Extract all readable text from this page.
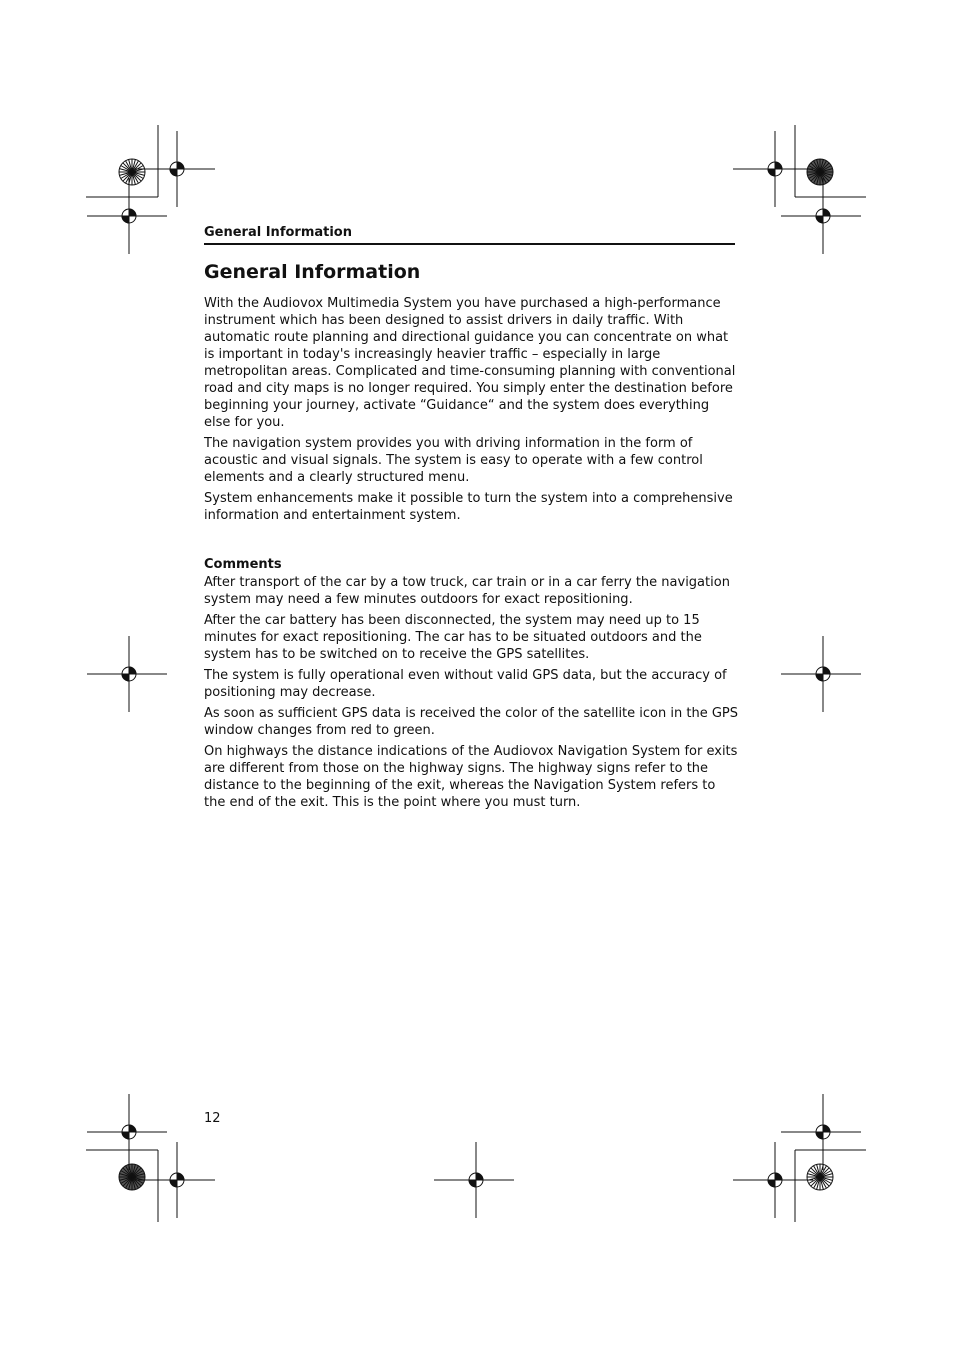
General Information
General Information

With the Audiovox Multimedia System you have purchased a high-performance instrument which has been designed to assist drivers in daily traffic. With automatic route planning and directional guidance you can concentrate on what is important in today's increasingly heavier traffic – especially in large metropolitan areas. Complicated and time-consuming planning with conventional road and city maps is no longer required. You simply enter the destination before beginning your journey, activate “Guidance“ and the system does everything else for you.

The navigation system provides you with driving information in the form of acoustic and visual signals. The system is easy to operate with a few control elements and a clearly structured menu.

System enhancements make it possible to turn the system into a comprehensive information and entertainment system.

Comments

After transport of the car by a tow truck, car train or in a car ferry the navigation system may need a few minutes outdoors for exact repositioning.

After the car battery has been disconnected, the system may need up to 15 minutes for exact repositioning. The car has to be situated outdoors and the system has to be switched on to receive the GPS satellites.

The system is fully operational even without valid GPS data, but the accuracy of positioning may decrease.

As soon as sufficient GPS data is received the color of the satellite icon in the GPS window changes from red to green.

On highways the distance indications of the Audiovox Navigation System for exits are different from those on the highway signs. The highway signs refer to the distance to the beginning of the exit, whereas the Navigation System refers to the end of the exit. This is the point where you must turn.

12
